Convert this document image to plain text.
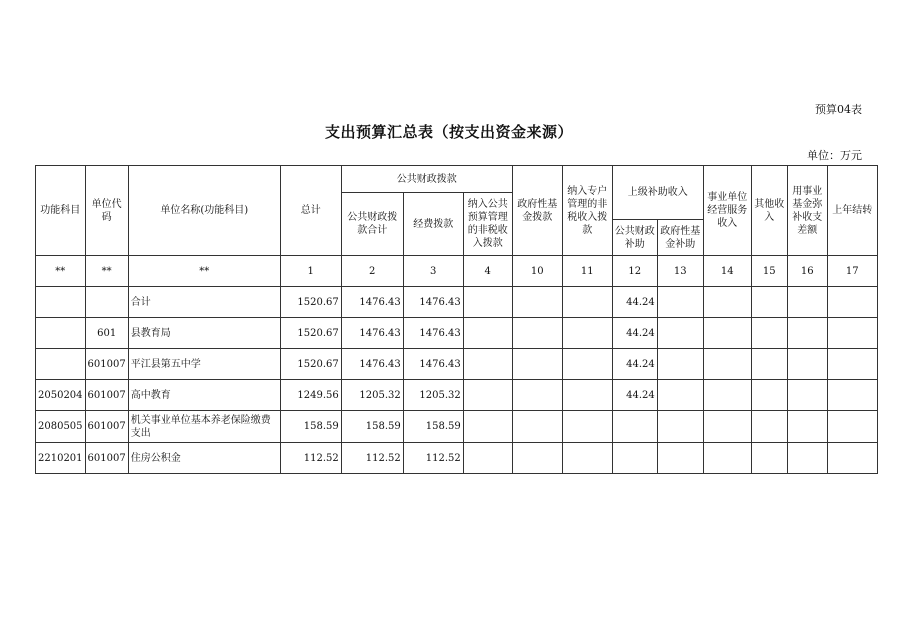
预算04表
支出预算汇总表（按支出资金来源）
单位：万元
功能科目	单位代码	单位名称(功能科目)	总计	公共财政拨款			政府性基金拨款	纳入专户管理的非税收入拨款	上级补助收入		事业单位经营服务收入	其他收入	用事业基金弥补收支差额	上年结转
				公共财政拨款合计	经费拨款	纳入公共预算管理的非税收入拨款								
									公共财政补助	政府性基金补助				
**	**	**	1	2	3	4	10	11	12	13	14	15	16	17
		合计	1520.67	1476.43	1476.43				44.24					
	601	县教育局	1520.67	1476.43	1476.43				44.24					
	601007	平江县第五中学	1520.67	1476.43	1476.43				44.24					
2050204	601007	高中教育	1249.56	1205.32	1205.32				44.24					
2080505	601007	机关事业单位基本养老保险缴费支出	158.59	158.59	158.59									
2210201	601007	住房公积金	112.52	112.52	112.52									
